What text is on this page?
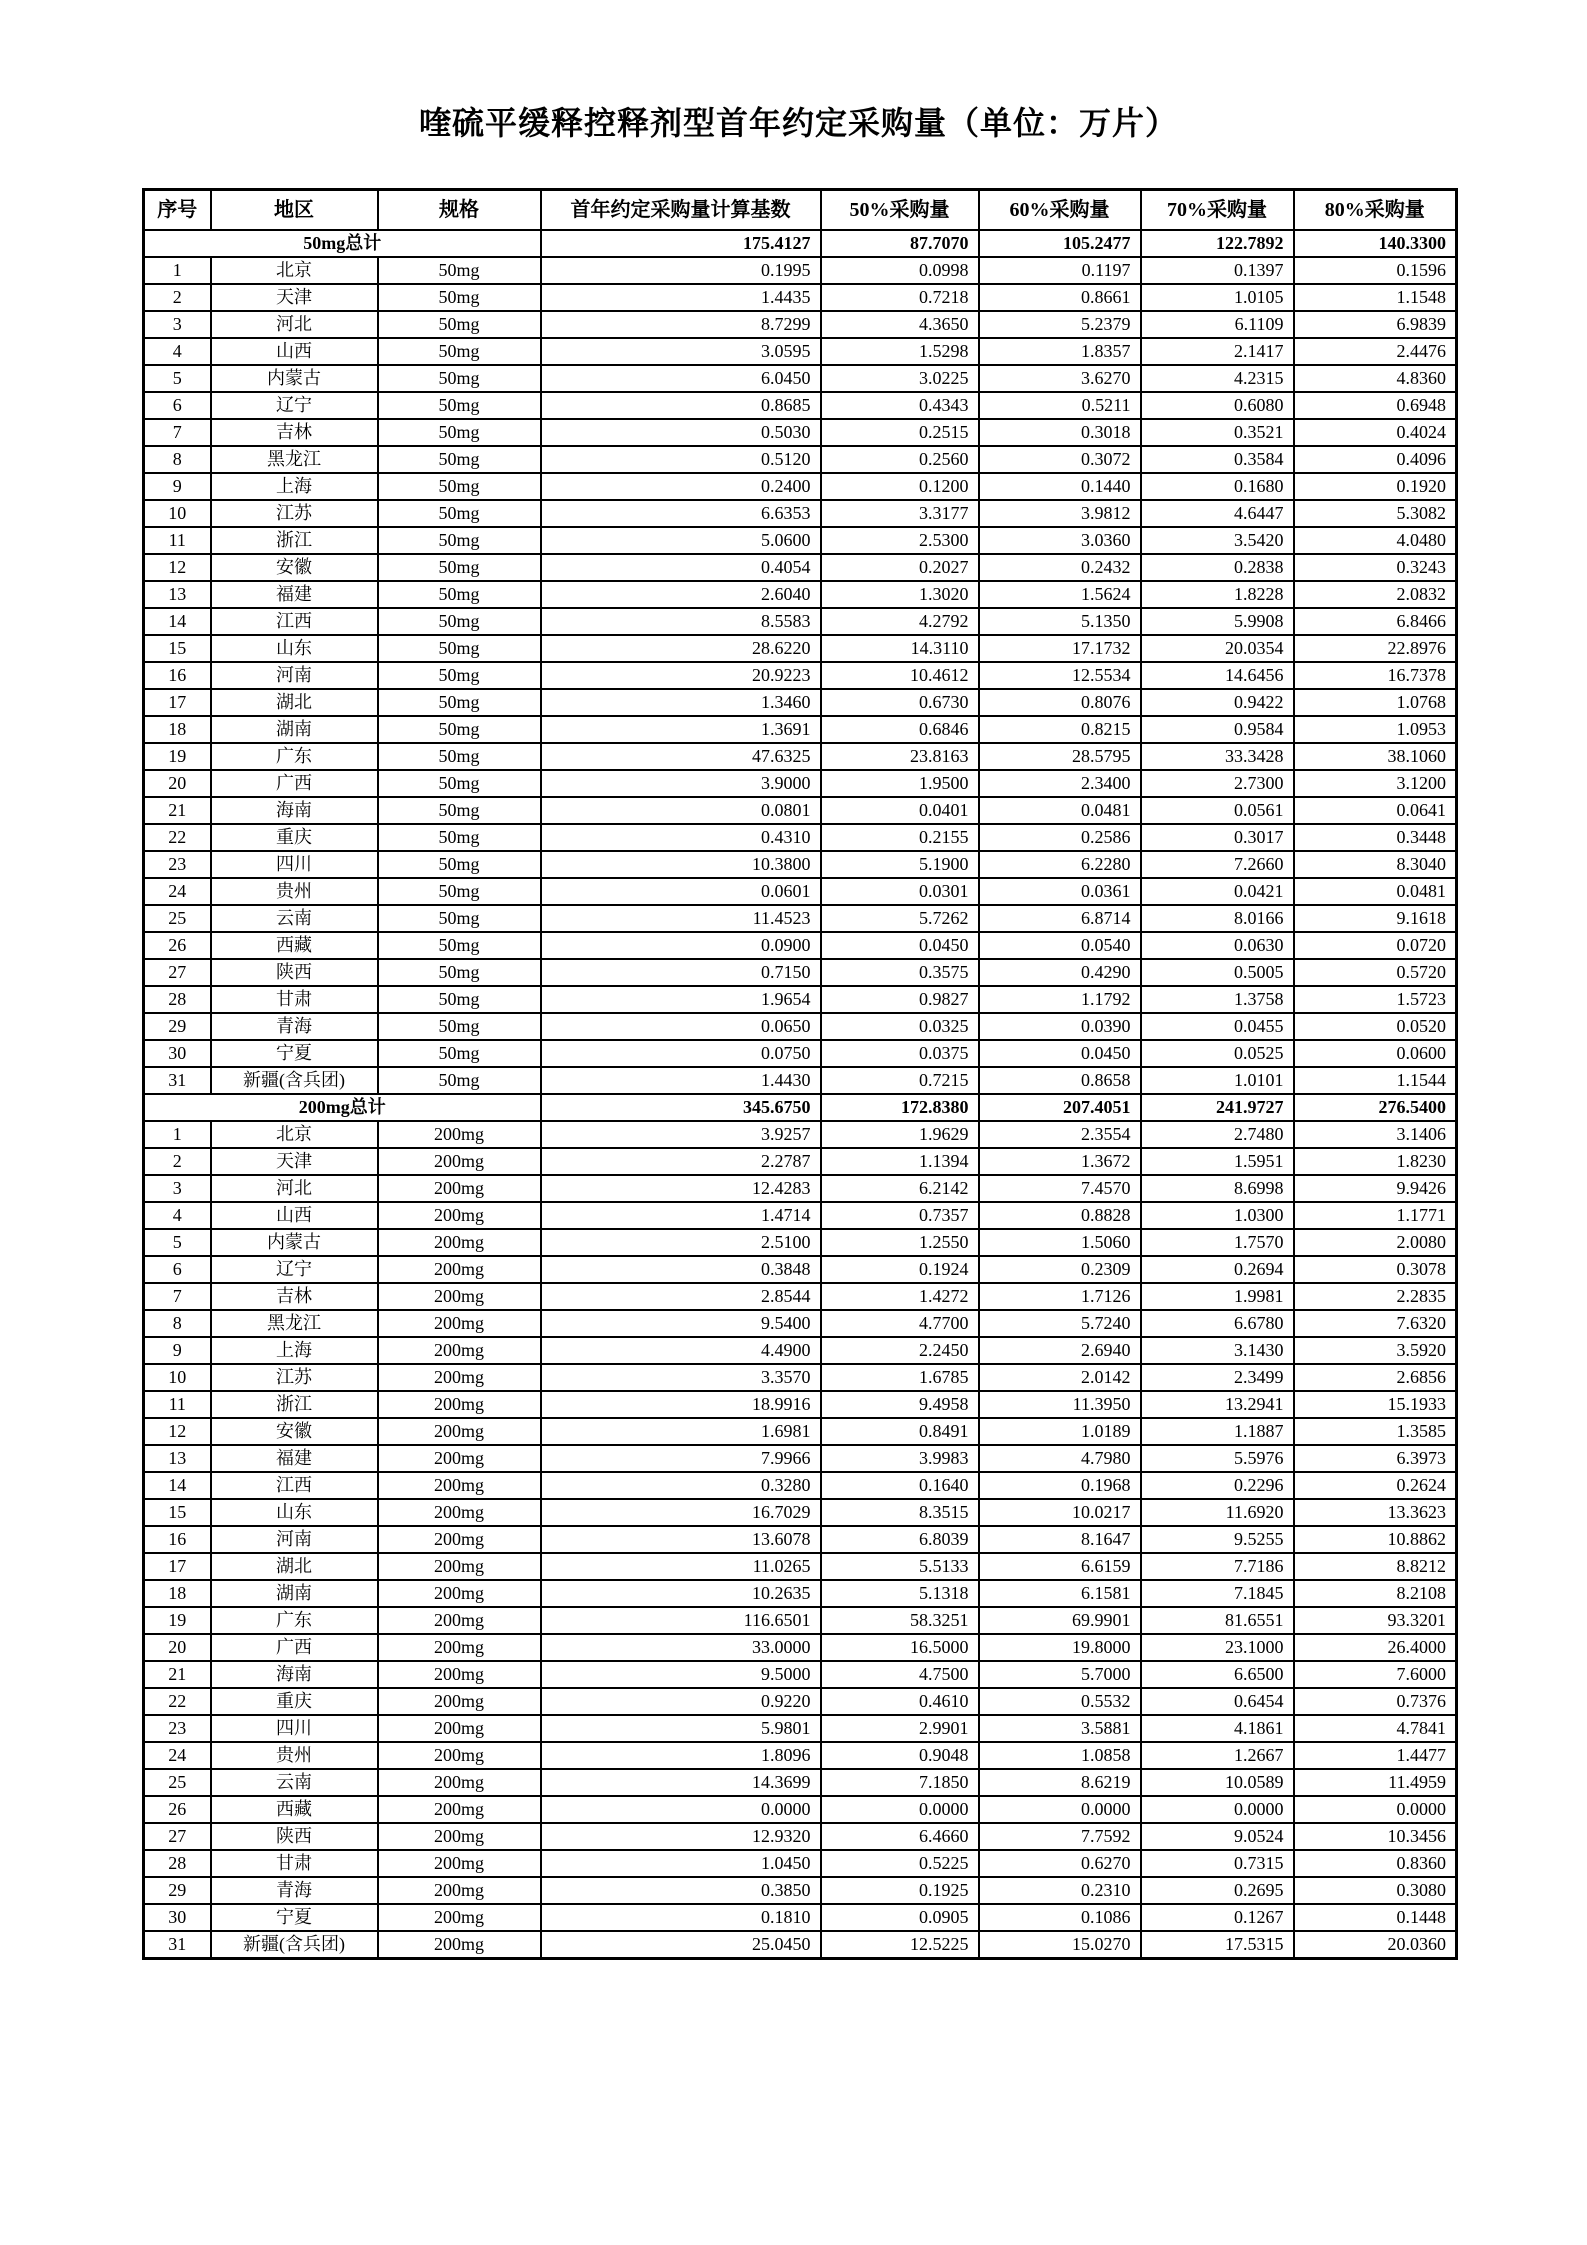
喹硫平缓释控释剂型首年约定采购量（单位：万片）
序号	地区	规格	首年约定采购量计算基数	50%采购量	60%采购量	70%采购量	80%采购量
50mg总计			175.4127	87.7070	105.2477	122.7892	140.3300
1	北京	50mg	0.1995	0.0998	0.1197	0.1397	0.1596
2	天津	50mg	1.4435	0.7218	0.8661	1.0105	1.1548
3	河北	50mg	8.7299	4.3650	5.2379	6.1109	6.9839
4	山西	50mg	3.0595	1.5298	1.8357	2.1417	2.4476
5	内蒙古	50mg	6.0450	3.0225	3.6270	4.2315	4.8360
6	辽宁	50mg	0.8685	0.4343	0.5211	0.6080	0.6948
7	吉林	50mg	0.5030	0.2515	0.3018	0.3521	0.4024
8	黑龙江	50mg	0.5120	0.2560	0.3072	0.3584	0.4096
9	上海	50mg	0.2400	0.1200	0.1440	0.1680	0.1920
10	江苏	50mg	6.6353	3.3177	3.9812	4.6447	5.3082
11	浙江	50mg	5.0600	2.5300	3.0360	3.5420	4.0480
12	安徽	50mg	0.4054	0.2027	0.2432	0.2838	0.3243
13	福建	50mg	2.6040	1.3020	1.5624	1.8228	2.0832
14	江西	50mg	8.5583	4.2792	5.1350	5.9908	6.8466
15	山东	50mg	28.6220	14.3110	17.1732	20.0354	22.8976
16	河南	50mg	20.9223	10.4612	12.5534	14.6456	16.7378
17	湖北	50mg	1.3460	0.6730	0.8076	0.9422	1.0768
18	湖南	50mg	1.3691	0.6846	0.8215	0.9584	1.0953
19	广东	50mg	47.6325	23.8163	28.5795	33.3428	38.1060
20	广西	50mg	3.9000	1.9500	2.3400	2.7300	3.1200
21	海南	50mg	0.0801	0.0401	0.0481	0.0561	0.0641
22	重庆	50mg	0.4310	0.2155	0.2586	0.3017	0.3448
23	四川	50mg	10.3800	5.1900	6.2280	7.2660	8.3040
24	贵州	50mg	0.0601	0.0301	0.0361	0.0421	0.0481
25	云南	50mg	11.4523	5.7262	6.8714	8.0166	9.1618
26	西藏	50mg	0.0900	0.0450	0.0540	0.0630	0.0720
27	陕西	50mg	0.7150	0.3575	0.4290	0.5005	0.5720
28	甘肃	50mg	1.9654	0.9827	1.1792	1.3758	1.5723
29	青海	50mg	0.0650	0.0325	0.0390	0.0455	0.0520
30	宁夏	50mg	0.0750	0.0375	0.0450	0.0525	0.0600
31	新疆(含兵团)	50mg	1.4430	0.7215	0.8658	1.0101	1.1544
200mg总计			345.6750	172.8380	207.4051	241.9727	276.5400
1	北京	200mg	3.9257	1.9629	2.3554	2.7480	3.1406
2	天津	200mg	2.2787	1.1394	1.3672	1.5951	1.8230
3	河北	200mg	12.4283	6.2142	7.4570	8.6998	9.9426
4	山西	200mg	1.4714	0.7357	0.8828	1.0300	1.1771
5	内蒙古	200mg	2.5100	1.2550	1.5060	1.7570	2.0080
6	辽宁	200mg	0.3848	0.1924	0.2309	0.2694	0.3078
7	吉林	200mg	2.8544	1.4272	1.7126	1.9981	2.2835
8	黑龙江	200mg	9.5400	4.7700	5.7240	6.6780	7.6320
9	上海	200mg	4.4900	2.2450	2.6940	3.1430	3.5920
10	江苏	200mg	3.3570	1.6785	2.0142	2.3499	2.6856
11	浙江	200mg	18.9916	9.4958	11.3950	13.2941	15.1933
12	安徽	200mg	1.6981	0.8491	1.0189	1.1887	1.3585
13	福建	200mg	7.9966	3.9983	4.7980	5.5976	6.3973
14	江西	200mg	0.3280	0.1640	0.1968	0.2296	0.2624
15	山东	200mg	16.7029	8.3515	10.0217	11.6920	13.3623
16	河南	200mg	13.6078	6.8039	8.1647	9.5255	10.8862
17	湖北	200mg	11.0265	5.5133	6.6159	7.7186	8.8212
18	湖南	200mg	10.2635	5.1318	6.1581	7.1845	8.2108
19	广东	200mg	116.6501	58.3251	69.9901	81.6551	93.3201
20	广西	200mg	33.0000	16.5000	19.8000	23.1000	26.4000
21	海南	200mg	9.5000	4.7500	5.7000	6.6500	7.6000
22	重庆	200mg	0.9220	0.4610	0.5532	0.6454	0.7376
23	四川	200mg	5.9801	2.9901	3.5881	4.1861	4.7841
24	贵州	200mg	1.8096	0.9048	1.0858	1.2667	1.4477
25	云南	200mg	14.3699	7.1850	8.6219	10.0589	11.4959
26	西藏	200mg	0.0000	0.0000	0.0000	0.0000	0.0000
27	陕西	200mg	12.9320	6.4660	7.7592	9.0524	10.3456
28	甘肃	200mg	1.0450	0.5225	0.6270	0.7315	0.8360
29	青海	200mg	0.3850	0.1925	0.2310	0.2695	0.3080
30	宁夏	200mg	0.1810	0.0905	0.1086	0.1267	0.1448
31	新疆(含兵团)	200mg	25.0450	12.5225	15.0270	17.5315	20.0360
